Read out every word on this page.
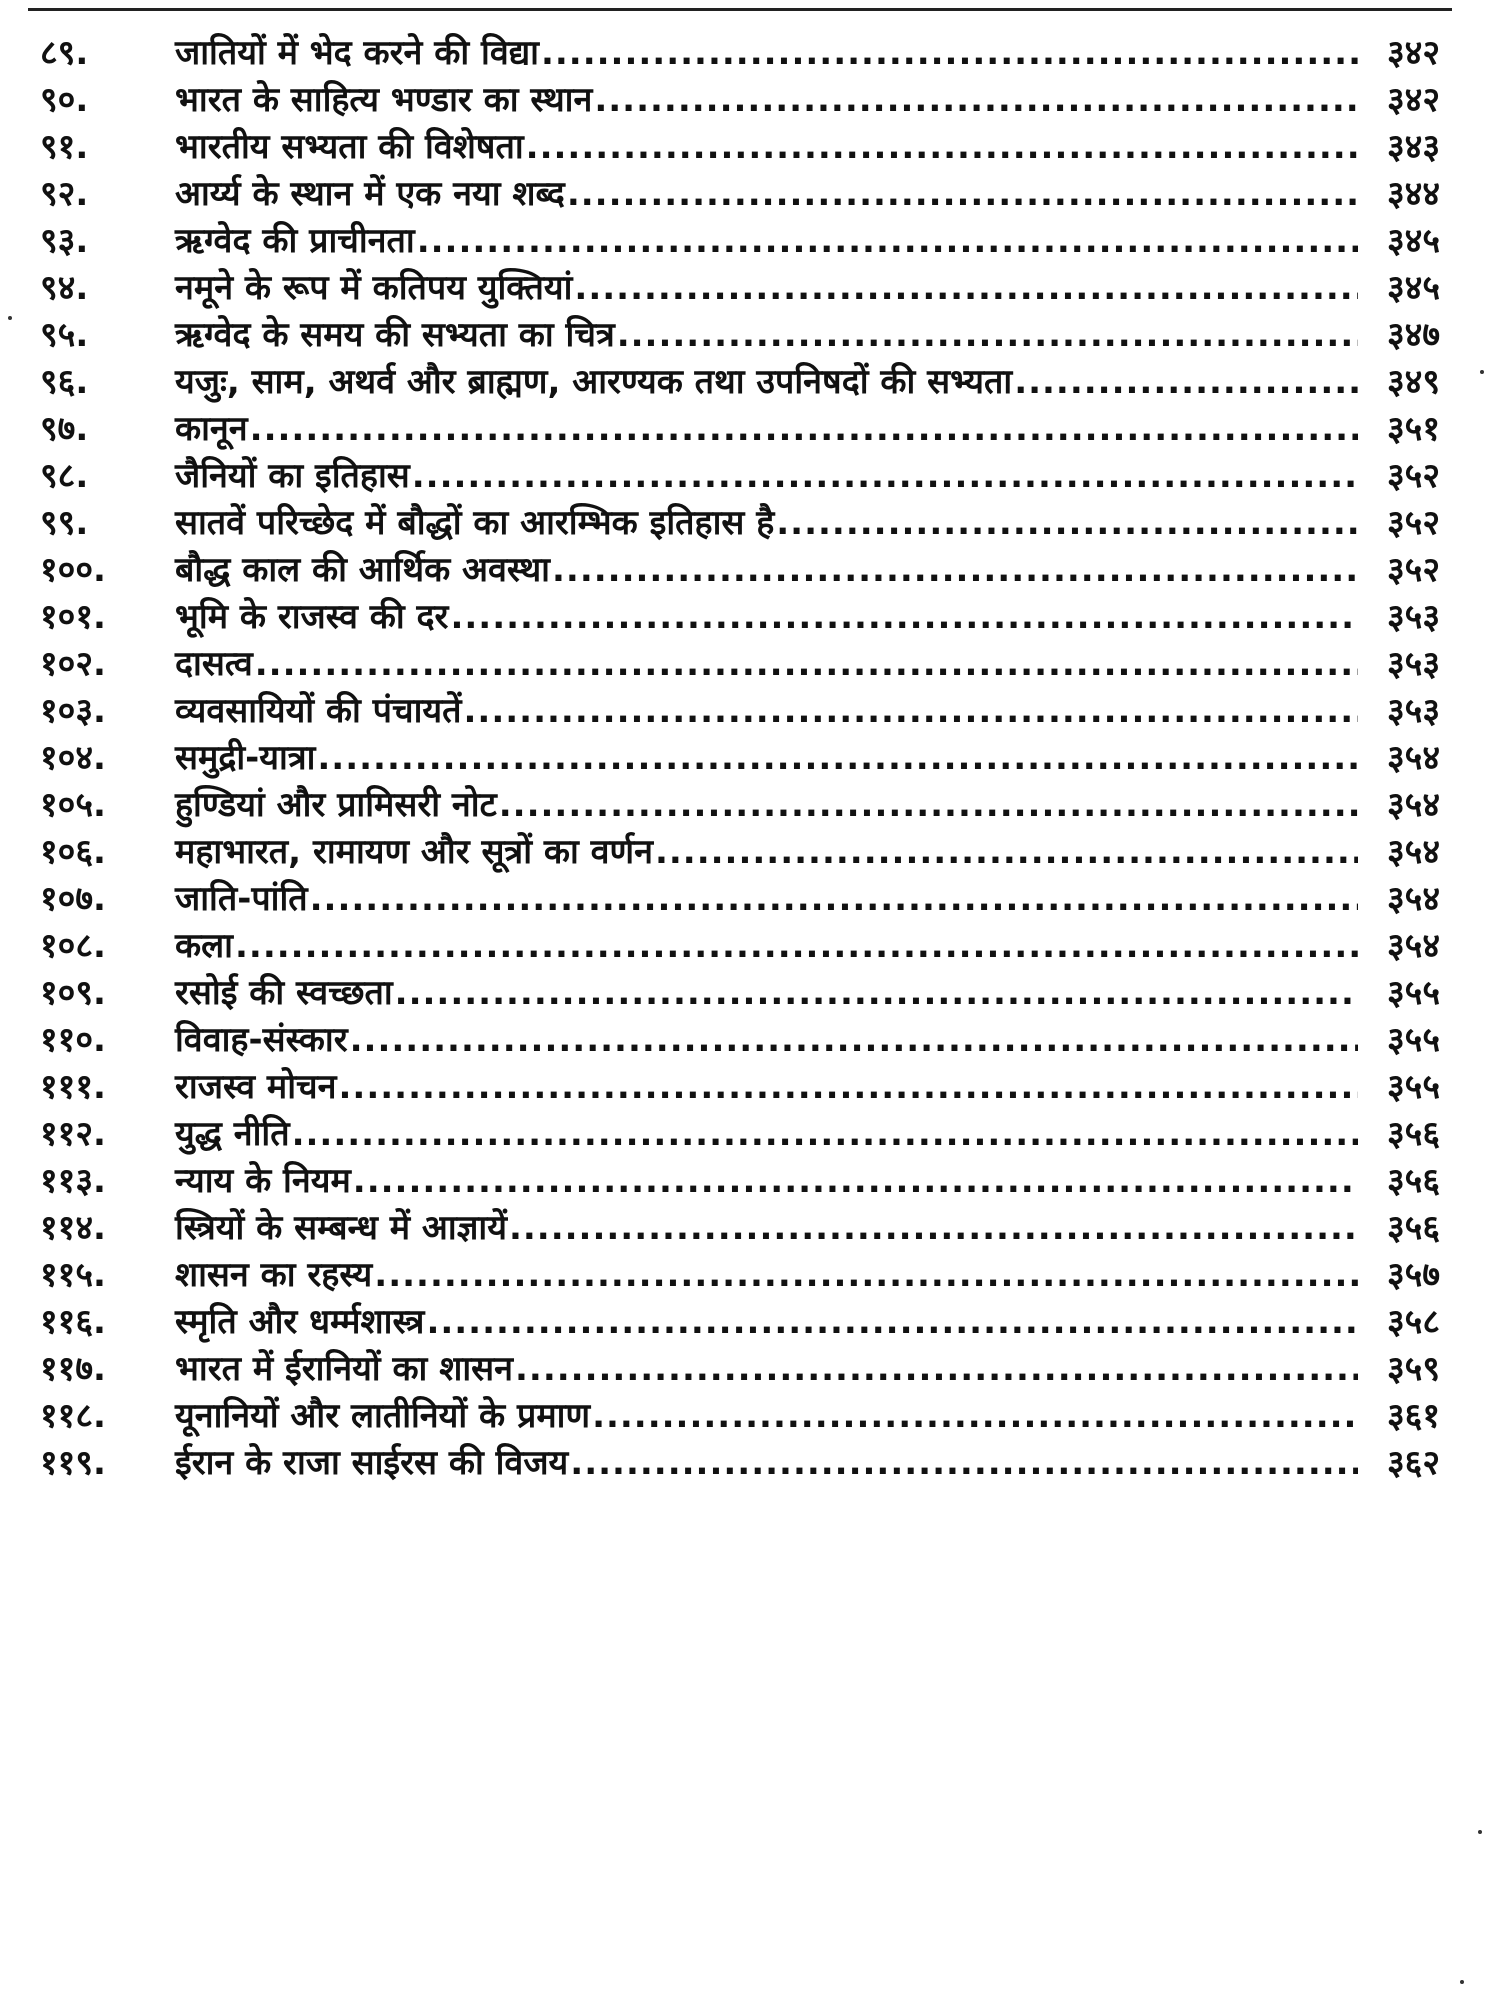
८९.	जातियों में भेद करने की विद्या .....	३४२
९०.	भारत के साहित्य भण्डार का स्थान .....	३४२
९१.	भारतीय सभ्यता की विशेषता .....	३४३
९२.	आर्य्य के स्थान में एक नया शब्द .....	३४४
९३.	ऋग्वेद की प्राचीनता .....	३४५
९४.	नमूने के रूप में कतिपय युक्तियां .....	३४५
९५.	ऋग्वेद के समय की सभ्यता का चित्र .....	३४७
९६.	यजुः, साम, अथर्व और ब्राह्मण, आरण्यक तथा उपनिषदों की सभ्यता .....	३४९
९७.	कानून .....	३५१
९८.	जैनियों का इतिहास .....	३५२
९९.	सातवें परिच्छेद में बौद्धों का आरम्भिक इतिहास है .....	३५२
१००.	बौद्ध काल की आर्थिक अवस्था .....	३५२
१०१.	भूमि के राजस्व की दर .....	३५३
१०२.	दासत्व .....	३५३
१०३.	व्यवसायियों की पंचायतें .....	३५३
१०४.	समुद्री-यात्रा .....	३५४
१०५.	हुण्डियां और प्रामिसरी नोट .....	३५४
१०६.	महाभारत, रामायण और सूत्रों का वर्णन .....	३५४
१०७.	जाति-पांति .....	३५४
१०८.	कला .....	३५४
१०९.	रसोई की स्वच्छता .....	३५५
११०.	विवाह-संस्कार .....	३५५
१११.	राजस्व मोचन .....	३५५
११२.	युद्ध नीति .....	३५६
११३.	न्याय के नियम .....	३५६
११४.	स्त्रियों के सम्बन्ध में आज्ञायें .....	३५६
११५.	शासन का रहस्य .....	३५७
११६.	स्मृति और धर्म्मशास्त्र .....	३५८
११७.	भारत में ईरानियों का शासन .....	३५९
११८.	यूनानियों और लातीनियों के प्रमाण .....	३६१
११९.	ईरान के राजा साईरस की विजय .....	३६२
